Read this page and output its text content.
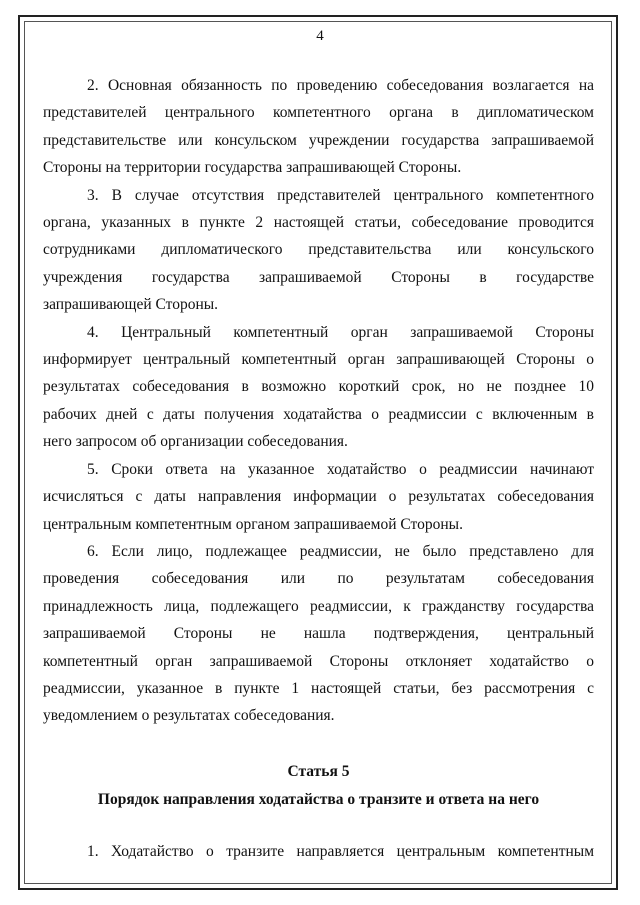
4

2. Основная обязанность по проведению собеседования возлагается на
представителей центрального компетентного органа в дипломатическом
представительстве или консульском учреждении государства запрашиваемой
Стороны на территории государства запрашивающей Стороны.

3. В случае отсутствия представителей центрального компетентного
органа, указанных в пункте 2 настоящей статьи, собеседование проводится
сотрудниками дипломатического представительства или консульского
учреждения государства запрашиваемой Стороны в государстве
запрашивающей Стороны.

4. Центральный компетентный орган запрашиваемой Стороны
информирует центральный компетентный орган запрашивающей Стороны о
результатах собеседования в возможно короткий срок, но не позднее 10
рабочих дней с даты получения ходатайства о реадмиссии с включенным в
него запросом об организации собеседования.

5. Сроки ответа на указанное ходатайство о реадмиссии начинают
исчисляться с даты направления информации о результатах собеседования
центральным компетентным органом запрашиваемой Стороны.

6. Если лицо, подлежащее реадмиссии, не было представлено для
проведения собеседования или по результатам собеседования
принадлежность лица, подлежащего реадмиссии, к гражданству государства
запрашиваемой Стороны не нашла подтверждения, центральный
компетентный орган запрашиваемой Стороны отклоняет ходатайство о
реадмиссии, указанное в пункте 1 настоящей статьи, без рассмотрения с
уведомлением о результатах собеседования.

Статья 5
Порядок направления ходатайства о транзите и ответа на него
1. Ходатайство о транзите направляется центральным компетентным
